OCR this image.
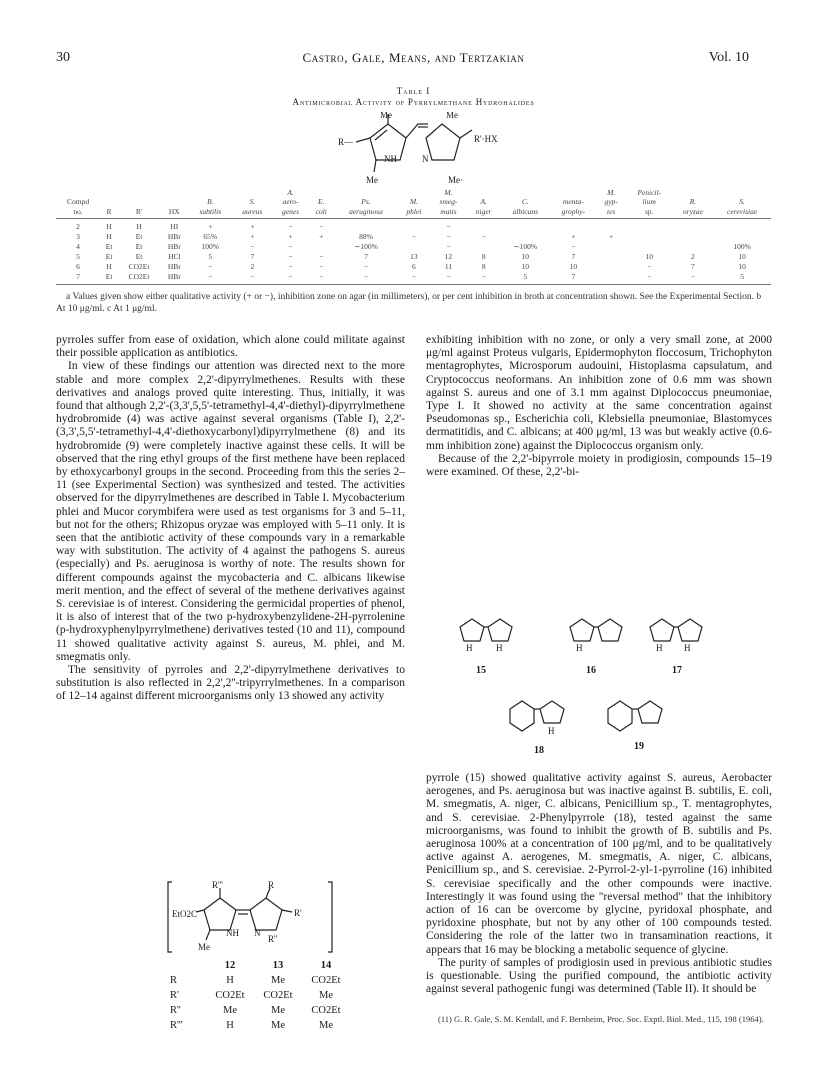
30	Castro, Gale, Means, and Tertzakian	Vol. 10
Table I
Antimicrobial Activity of Pyrrylmethane Hydrohalides
Me	Me
R—
NH	N
R'·HX
Me	Me·
						A.				M.				M.	Penicil-		
Compd				B.	S.	aero-	E.	Ps.	M.	smeg-	A.	C.	menta-	gyp-	lium	R.	S.
no.	R	R'	HX	subtilis	aureus	genes	coli	aeruginosa	phlei	matis	niger	albicans	grophy-	tes	sp.	oryzae	cerevisiae
2	H	H	HI	+	+	−	−			−							
3	H	Et	HBr	65%	+	+	+	88%	−	−	−		+	+			
4	Et	Et	HBr	100%	−	−		∼100%		−		∼100%	−				100%
5	Et	Et	HCl	5	7	−	−	7	13	12	8	10	7		10	2	10
6	H	CO2Et	HBr	−	2	−	−	−	6	11	8	10	10		−	7	10
7	Et	CO2Et	HBr	−	−	−	−	−	−	−	−	5	7		−	−	5
a Values given show either qualitative activity (+ or −), inhibition zone on agar (in millimeters), or per cent inhibition in broth at concentration shown. See the Experimental Section. b At 10 μg/ml. c At 1 μg/ml.

pyrroles suffer from ease of oxidation, which alone could militate against their possible application as antibiotics.

In view of these findings our attention was directed next to the more stable and more complex 2,2'-dipyrrylmethenes. Results with these derivatives and analogs proved quite interesting. Thus, initially, it was found that although 2,2'-(3,3',5,5'-tetramethyl-4,4'-diethyl)-dipyrrylmethene hydrobromide (4) was active against several organisms (Table I), 2,2'-(3,3',5,5'-tetramethyl-4,4'-diethoxycarbonyl)dipyrrylmethene (8) and its hydrobromide (9) were completely inactive against these cells. It will be observed that the ring ethyl groups of the first methene have been replaced by ethoxycarbonyl groups in the second. Proceeding from this the series 2–11 (see Experimental Section) was synthesized and tested. The activities observed for the dipyrrylmethenes are described in Table I. Mycobacterium phlei and Mucor corymbifera were used as test organisms for 3 and 5–11, but not for the others; Rhizopus oryzae was employed with 5–11 only. It is seen that the antibiotic activity of these compounds vary in a remarkable way with substitution. The activity of 4 against the pathogens S. aureus (especially) and Ps. aeruginosa is worthy of note. The results shown for different compounds against the mycobacteria and C. albicans likewise merit mention, and the effect of several of the methene derivatives against S. cerevisiae is of interest. Considering the germicidal properties of phenol, it is also of interest that of the two p-hydroxybenzylidene-2H-pyrrolenine (p-hydroxyphenylpyrrylmethene) derivatives tested (10 and 11), compound 11 showed qualitative activity against S. aureus, M. phlei, and M. smegmatis only.

The sensitivity of pyrroles and 2,2'-dipyrrylmethene derivatives to substitution is also reflected in 2,2',2''-tripyrrylmethenes. In a comparison of 12–14 against different microorganisms only 13 showed any activity

R'''	R
EtO2C	R'
NH N
R''
Me
12	13	14
R	H	Me	CO2Et
R'	CO2Et	CO2Et	Me
R''	Me	Me	CO2Et
R'''	H	Me	Me

exhibiting inhibition with no zone, or only a very small zone, at 2000 μg/ml against Proteus vulgaris, Epidermophyton floccosum, Trichophyton mentagrophytes, Microsporum audouini, Histoplasma capsulatum, and Cryptococcus neoformans. An inhibition zone of 0.6 mm was shown against S. aureus and one of 3.1 mm against Diplococcus pneumoniae, Type I. It showed no activity at the same concentration against Pseudomonas sp., Escherichia coli, Klebsiella pneumoniae, Blastomyces dermatitidis, and C. albicans; at 400 μg/ml, 13 was but weakly active (0.6-mm inhibition zone) against the Diplococcus organism only.

Because of the 2,2'-bipyrrole moiety in prodigiosin, compounds 15–19 were examined. Of these, 2,2'-bi-

H	H	H	H H
H
15	16	17
18	19

pyrrole (15) showed qualitative activity against S. aureus, Aerobacter aerogenes, and Ps. aeruginosa but was inactive against B. subtilis, E. coli, M. smegmatis, A. niger, C. albicans, Penicillium sp., T. mentagrophytes, and S. cerevisiae. 2-Phenylpyrrole (18), tested against the same microorganisms, was found to inhibit the growth of B. subtilis and Ps. aeruginosa 100% at a concentration of 100 μg/ml, and to be qualitatively active against A. aerogenes, M. smegmatis, A. niger, C. albicans, Penicillium sp., and S. cerevisiae. 2-Pyrrol-2-yl-1-pyrroline (16) inhibited S. cerevisiae specifically and the other compounds were inactive. Interestingly it was found using the "reversal method" that the inhibitory action of 16 can be overcome by glycine, pyridoxal phosphate, and pyridoxine phosphate, but not by any other of 100 compounds tested. Considering the role of the latter two in transamination reactions, it appears that 16 may be blocking a metabolic sequence of glycine.

The purity of samples of prodigiosin used in previous antibiotic studies is questionable. Using the purified compound, the antibiotic activity against several pathogenic fungi was determined (Table II). It should be

(11) G. R. Gale, S. M. Kendall, and F. Bernheim, Proc. Soc. Exptl. Biol. Med., 115, 198 (1964).
